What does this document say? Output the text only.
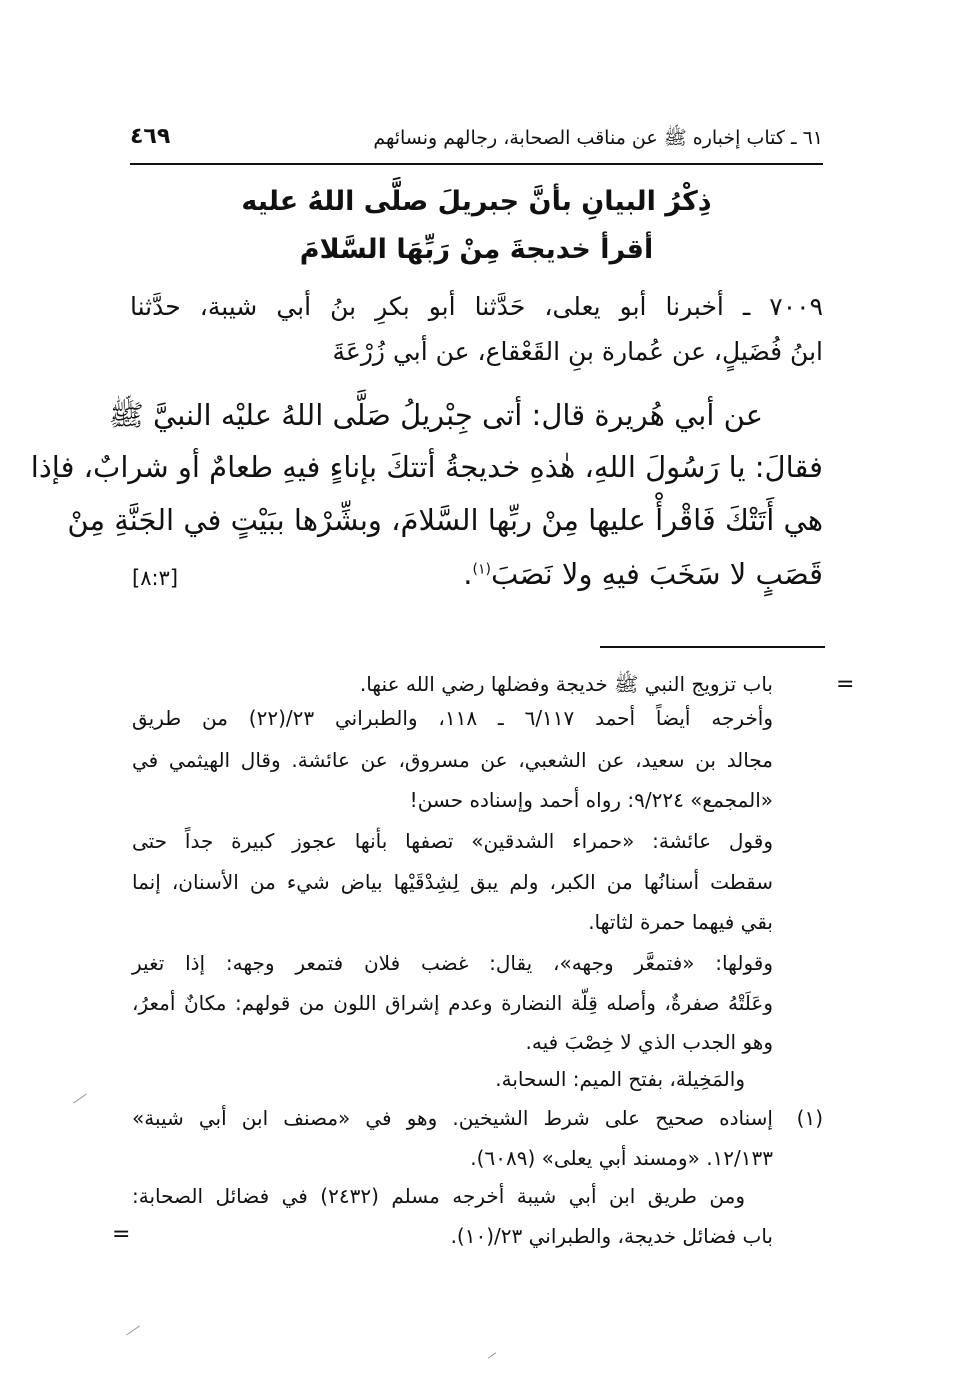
٤٦٩	٦١ ـ كتاب إخباره ﷺ عن مناقب الصحابة، رجالهم ونسائهم
ذِكْرُ البيانِ بأنَّ جبريلَ صلَّى اللهُ عليه
أقرأ خديجةَ مِنْ رَبِّهَا السَّلامَ
٧٠٠٩ ـ أخبرنا أبو يعلى، حَدَّثنا أبو بكرِ بنُ أبي شيبة، حدَّثنا
ابنُ فُضَيلٍ، عن عُمارة بنِ القَعْقاع، عن أبي زُرْعَةَ
عن أبي هُريرة قال: أتى جِبْريلُ صَلَّى اللهُ عليْه النبيَّ ﷺ
فقالَ: يا رَسُولَ اللهِ، هٰذهِ خديجةُ أتتكَ بإناءٍ فيهِ طعامٌ أو شرابٌ، فإذا
هي أَتَتْكَ فَاقْرأْ عليها مِنْ ربِّها السَّلامَ، وبشِّرْها ببَيْتٍ في الجَنَّةِ مِنْ
قَصَبٍ لا سَخَبَ فيهِ ولا نَصَبَ$^{(١)}$.
[٨:٣]
=
باب تزويج النبي ﷺ خديجة وفضلها رضي الله عنها.
وأخرجه أيضاً أحمد ٦/١١٧ ـ ١١٨، والطبراني ٢٣/(٢٢) من طريق
مجالد بن سعيد، عن الشعبي، عن مسروق، عن عائشة. وقال الهيثمي في
«المجمع» ٩/٢٢٤: رواه أحمد وإسناده حسن!
وقول عائشة: «حمراء الشدقين» تصفها بأنها عجوز كبيرة جداً حتى
سقطت أسنانُها من الكبر، ولم يبق لِشِدْقَيْها بياض شيء من الأسنان، إنما
بقي فيهما حمرة لثاتها.
وقولها: «فتمعَّر وجهه»، يقال: غضب فلان فتمعر وجهه: إذا تغير
وعَلَتْهُ صفرةٌ، وأصله قِلّة النضارة وعدم إشراق اللون من قولهم: مكانٌ أمعرُ،
وهو الجدب الذي لا خِصْبَ فيه.
والمَخِيلة، بفتح الميم: السحابة.
(١)
إسناده صحيح على شرط الشيخين. وهو في «مصنف ابن أبي شيبة»
١٢/١٣٣. «ومسند أبي يعلى» (٦٠٨٩).
ومن طريق ابن أبي شيبة أخرجه مسلم (٢٤٣٢) في فضائل الصحابة:
باب فضائل خديجة، والطبراني ٢٣/(١٠).
=
